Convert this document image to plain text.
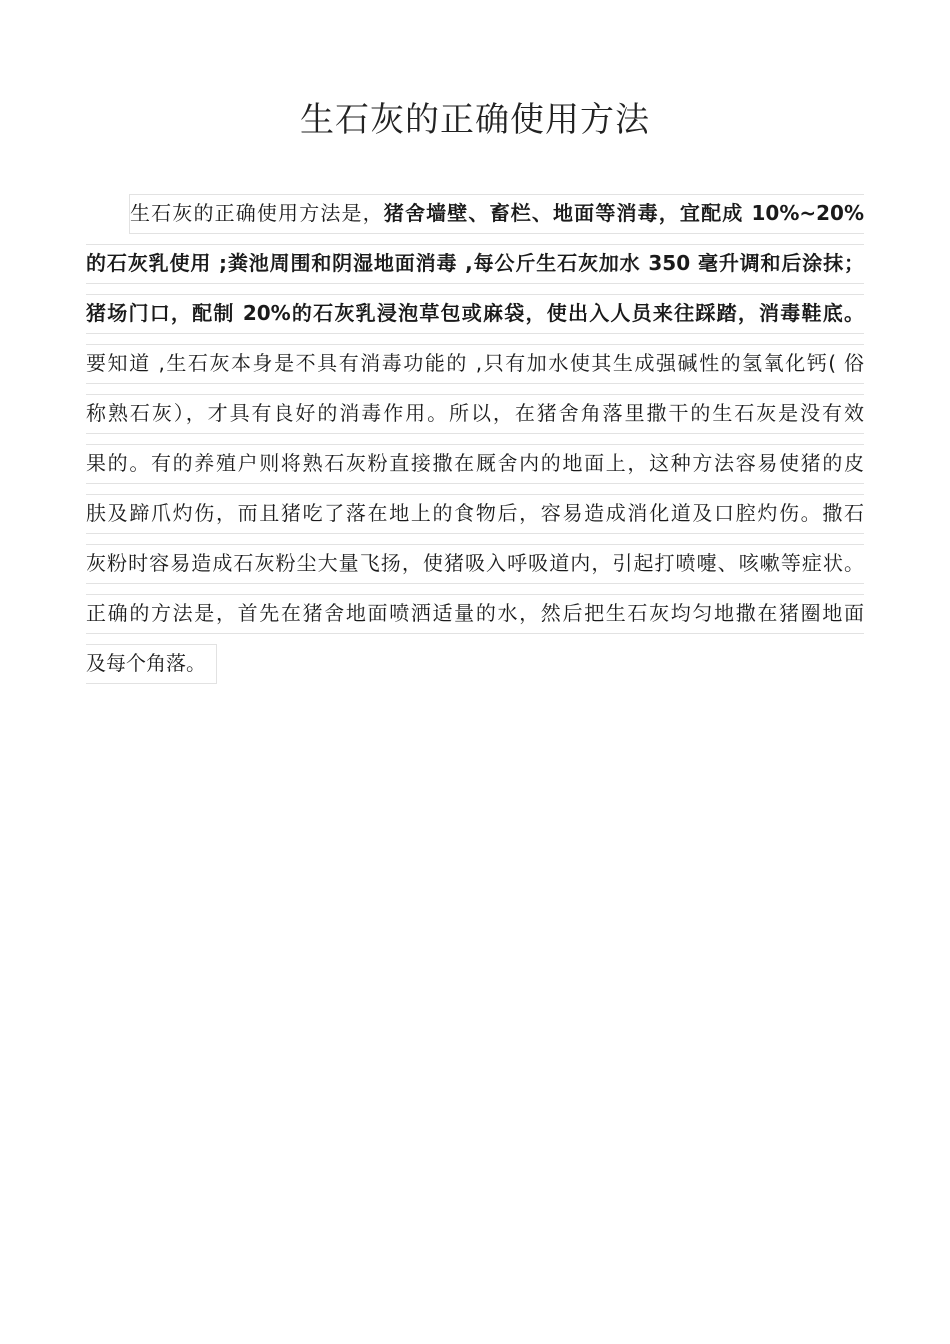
生石灰的正确使用方法
生石灰的正确使用方法是，猪舍墙壁、畜栏、地面等消毒，宜配成 10%~20%
的石灰乳使用 ;粪池周围和阴湿地面消毒 ,每公斤生石灰加水 350 毫升调和后涂抹；
猪场门口，配制 20%的石灰乳浸泡草包或麻袋，使出入人员来往踩踏，消毒鞋底。
要知道 ,生石灰本身是不具有消毒功能的 ,只有加水使其生成强碱性的氢氧化钙( 俗
称熟石灰），才具有良好的消毒作用。所以，在猪舍角落里撒干的生石灰是没有效
果的。有的养殖户则将熟石灰粉直接撒在厩舍内的地面上，这种方法容易使猪的皮
肤及蹄爪灼伤，而且猪吃了落在地上的食物后，容易造成消化道及口腔灼伤。撒石
灰粉时容易造成石灰粉尘大量飞扬，使猪吸入呼吸道内，引起打喷嚏、咳嗽等症状。
正确的方法是，首先在猪舍地面喷洒适量的水，然后把生石灰均匀地撒在猪圈地面
及每个角落。
